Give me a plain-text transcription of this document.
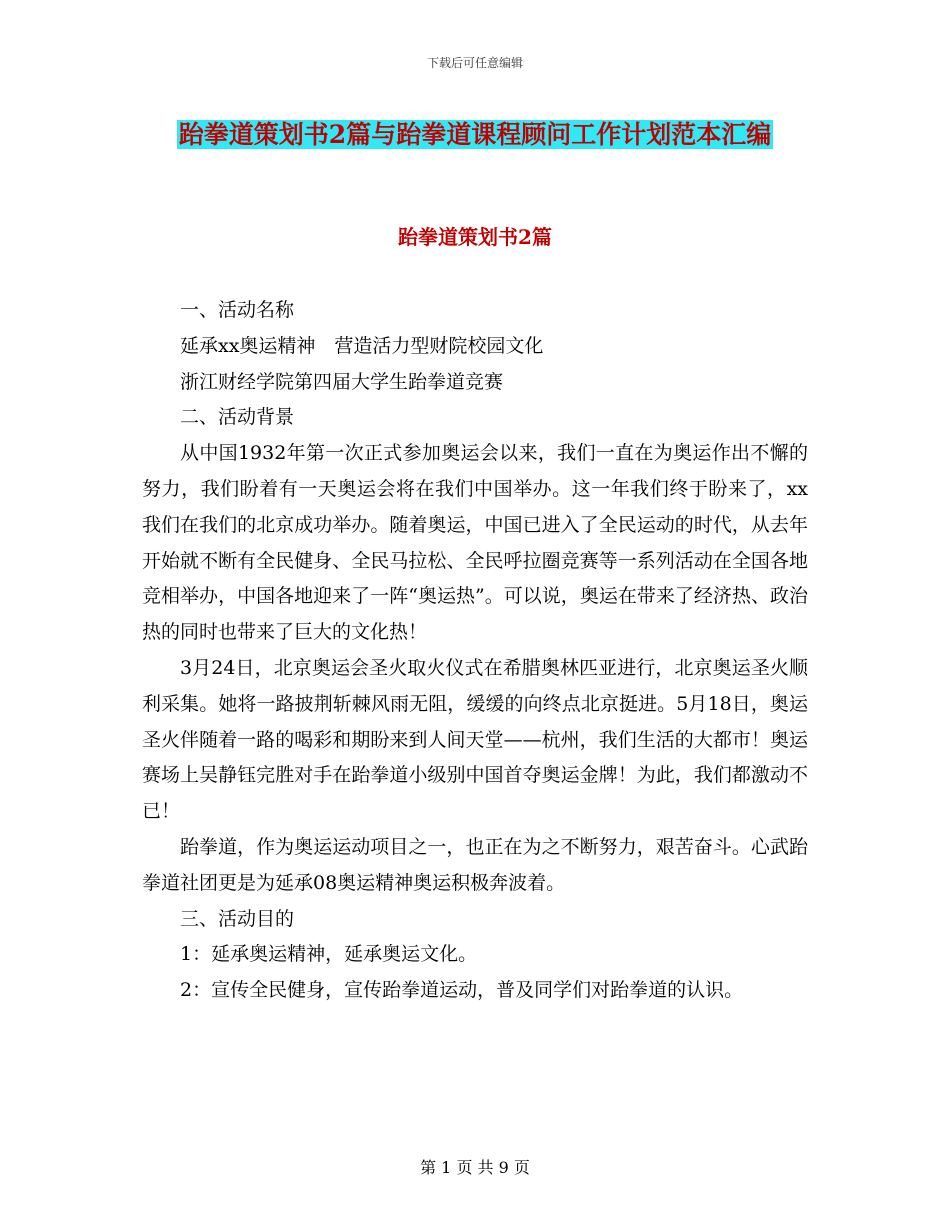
下载后可任意编辑
跆拳道策划书2篇与跆拳道课程顾问工作计划范本汇编
跆拳道策划书2篇

一、活动名称

延承xx奥运精神　营造活力型财院校园文化

浙江财经学院第四届大学生跆拳道竞赛

二、活动背景

从中国1932年第一次正式参加奥运会以来，我们一直在为奥运作出不懈的努力，我们盼着有一天奥运会将在我们中国举办。这一年我们终于盼来了，xx 我们在我们的北京成功举办。随着奥运，中国已进入了全民运动的时代，从去年开始就不断有全民健身、全民马拉松、全民呼拉圈竞赛等一系列活动在全国各地竞相举办，中国各地迎来了一阵“奥运热”。可以说，奥运在带来了经济热、政治热的同时也带来了巨大的文化热！

3月24日，北京奥运会圣火取火仪式在希腊奥林匹亚进行，北京奥运圣火顺利采集。她将一路披荆斩棘风雨无阻，缓缓的向终点北京挺进。5月18日，奥运圣火伴随着一路的喝彩和期盼来到人间天堂——杭州，我们生活的大都市！奥运赛场上吴静钰完胜对手在跆拳道小级别中国首夺奥运金牌！为此，我们都激动不已！

跆拳道，作为奥运运动项目之一，也正在为之不断努力，艰苦奋斗。心武跆拳道社团更是为延承08奥运精神奥运积极奔波着。

三、活动目的

1：延承奥运精神，延承奥运文化。

2：宣传全民健身，宣传跆拳道运动，普及同学们对跆拳道的认识。

第 1 页 共 9 页
